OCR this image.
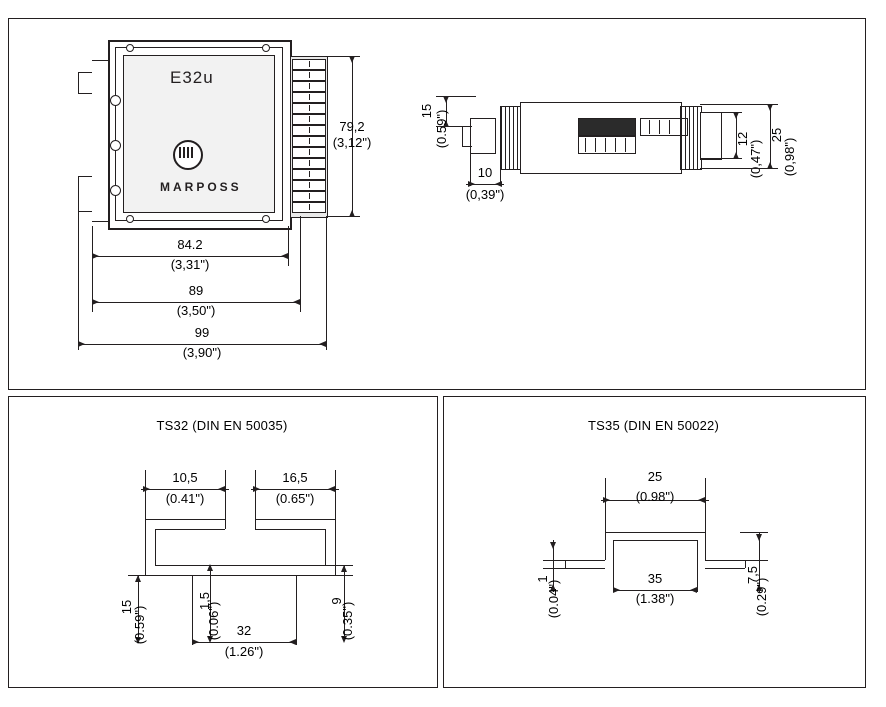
E32u
MARPOSS
79,2
(3,12")
84.2
(3,31")
89
(3,50")
99
(3,90")
15 (0.59")
10
(0,39")
12
(0,47")
25
(0,98")
TS32 (DIN EN 50035)
10,5
(0.41")
16,5
(0.65")
15
(0.59")
1,5
(0.06")
9
(0.35")
32
(1.26")
TS35 (DIN EN 50022)
25
(0.98")
1
(0.04")
35
(1.38")
7,5
(0.29")
